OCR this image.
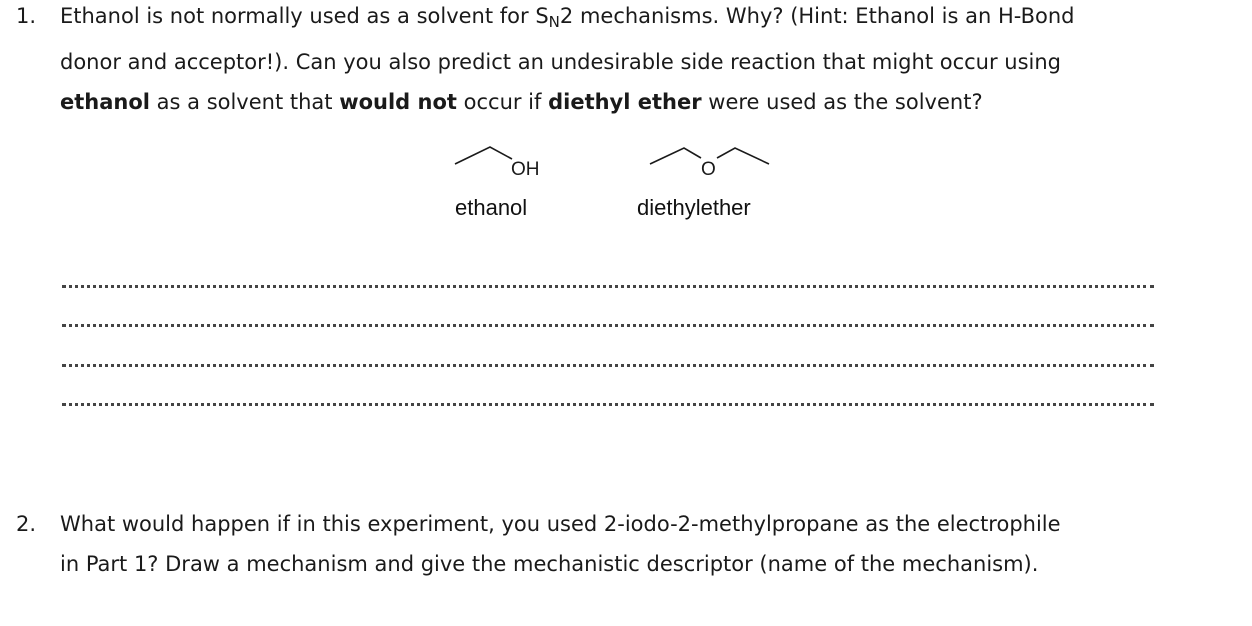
1. Ethanol is not normally used as a solvent for $S_N2$ mechanisms. Why? (Hint: Ethanol is an H-Bond
donor and acceptor!). Can you also predict an undesirable side reaction that might occur using
ethanol as a solvent that would not occur if diethyl ether were used as the solvent?
OH
ethanol
O
diethylether
2. What would happen if in this experiment, you used 2-iodo-2-methylpropane as the electrophile
in Part 1? Draw a mechanism and give the mechanistic descriptor (name of the mechanism).
